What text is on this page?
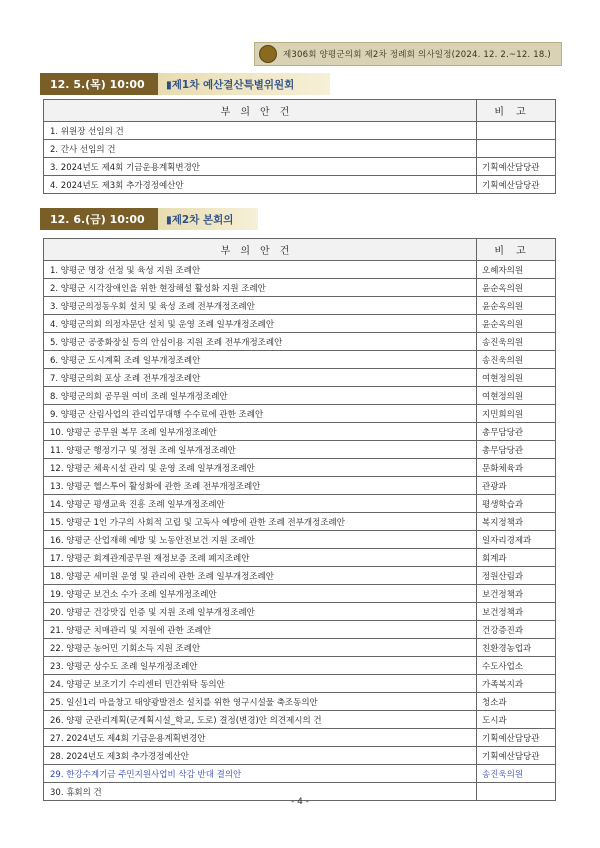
제306회 양평군의회 제2차 정례회 의사일정(2024. 12. 2.~12. 18.)
12. 5.(목) 10:00	▮제1차 예산결산특별위원회
부의안건	비고
1. 위원장 선임의 건	
2. 간사 선임의 건	
3. 2024년도 제4회 기금운용계획변경안	기획예산담당관
4. 2024년도 제3회 추가경정예산안	기획예산담당관
12. 6.(금) 10:00	▮제2차 본회의
부의안건	비고
1. 양평군 명장 선정 및 육성 지원 조례안	오혜자의원
2. 양평군 시각장애인을 위한 현장해설 활성화 지원 조례안	윤순옥의원
3. 양평군의정동우회 설치 및 육성 조례 전부개정조례안	윤순옥의원
4. 양평군의회 의정자문단 설치 및 운영 조례 일부개정조례안	윤순옥의원
5. 양평군 공중화장실 등의 안심이용 지원 조례 전부개정조례안	송진욱의원
6. 양평군 도시계획 조례 일부개정조례안	송진욱의원
7. 양평군의회 포상 조례 전부개정조례안	여현정의원
8. 양평군의회 공무원 여비 조례 일부개정조례안	여현정의원
9. 양평군 산림사업의 관리업무대행 수수료에 관한 조례안	지민희의원
10. 양평군 공무원 복무 조례 일부개정조례안	총무담당관
11. 양평군 행정기구 및 정원 조례 일부개정조례안	총무담당관
12. 양평군 체육시설 관리 및 운영 조례 일부개정조례안	문화체육과
13. 양평군 헬스투어 활성화에 관한 조례 전부개정조례안	관광과
14. 양평군 평생교육 진흥 조례 일부개정조례안	평생학습과
15. 양평군 1인 가구의 사회적 고립 및 고독사 예방에 관한 조례 전부개정조례안	복지정책과
16. 양평군 산업재해 예방 및 노동안전보건 지원 조례안	일자리경제과
17. 양평군 회계관계공무원 재정보증 조례 폐지조례안	회계과
18. 양평군 세미원 운영 및 관리에 관한 조례 일부개정조례안	정원산림과
19. 양평군 보건소 수가 조례 일부개정조례안	보건정책과
20. 양평군 건강맛집 인증 및 지원 조례 일부개정조례안	보건정책과
21. 양평군 치매관리 및 지원에 관한 조례안	건강증진과
22. 양평군 농어민 기회소득 지원 조례안	친환경농업과
23. 양평군 상수도 조례 일부개정조례안	수도사업소
24. 양평군 보조기기 수리센터 민간위탁 동의안	가족복지과
25. 일신1리 마을창고 태양광발전소 설치를 위한 영구시설물 축조동의안	청소과
26. 양평 군관리계획(군계획시설_학교, 도로) 결정(변경)안 의견제시의 건	도시과
27. 2024년도 제4회 기금운용계획변경안	기획예산담당관
28. 2024년도 제3회 추가경정예산안	기획예산담당관
29. 한강수계기금 주민지원사업비 삭감 반대 결의안	송진욱의원
30. 휴회의 건	
- 4 -
